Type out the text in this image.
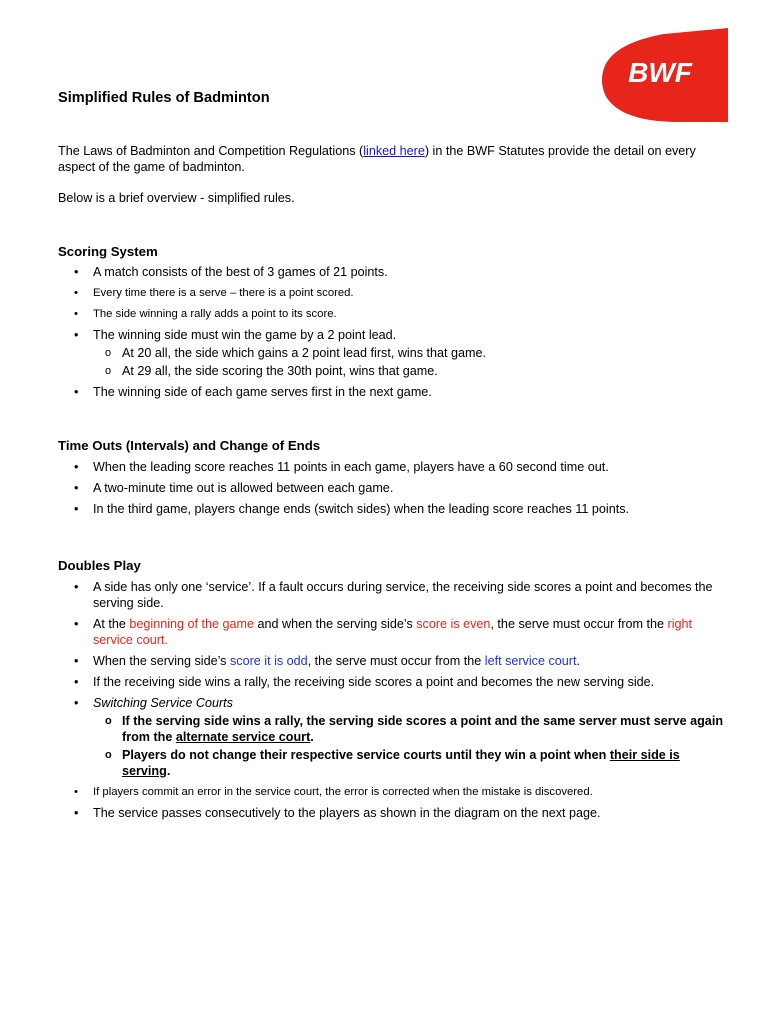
BWF
Simplified Rules of Badminton

The Laws of Badminton and Competition Regulations (linked here) in the BWF Statutes provide the detail on every aspect of the game of badminton.

Below is a brief overview - simplified rules.

Scoring System
• A match consists of the best of 3 games of 21 points.
• Every time there is a serve – there is a point scored.
• The side winning a rally adds a point to its score.
• The winning side must win the game by a 2 point lead.
o At 20 all, the side which gains a 2 point lead first, wins that game.
o At 29 all, the side scoring the 30th point, wins that game.
• The winning side of each game serves first in the next game.
Time Outs (Intervals) and Change of Ends
• When the leading score reaches 11 points in each game, players have a 60 second time out.
• A two-minute time out is allowed between each game.
• In the third game, players change ends (switch sides) when the leading score reaches 11 points.
Doubles Play
• A side has only one ‘service’. If a fault occurs during service, the receiving side scores a point and becomes the serving side.
• At the beginning of the game and when the serving side’s score is even, the serve must occur from the right service court.
• When the serving side’s score it is odd, the serve must occur from the left service court.
• If the receiving side wins a rally, the receiving side scores a point and becomes the new serving side.
• Switching Service Courts
o If the serving side wins a rally, the serving side scores a point and the same server must serve again from the alternate service court.
o Players do not change their respective service courts until they win a point when their side is serving.
• If players commit an error in the service court, the error is corrected when the mistake is discovered.
• The service passes consecutively to the players as shown in the diagram on the next page.
